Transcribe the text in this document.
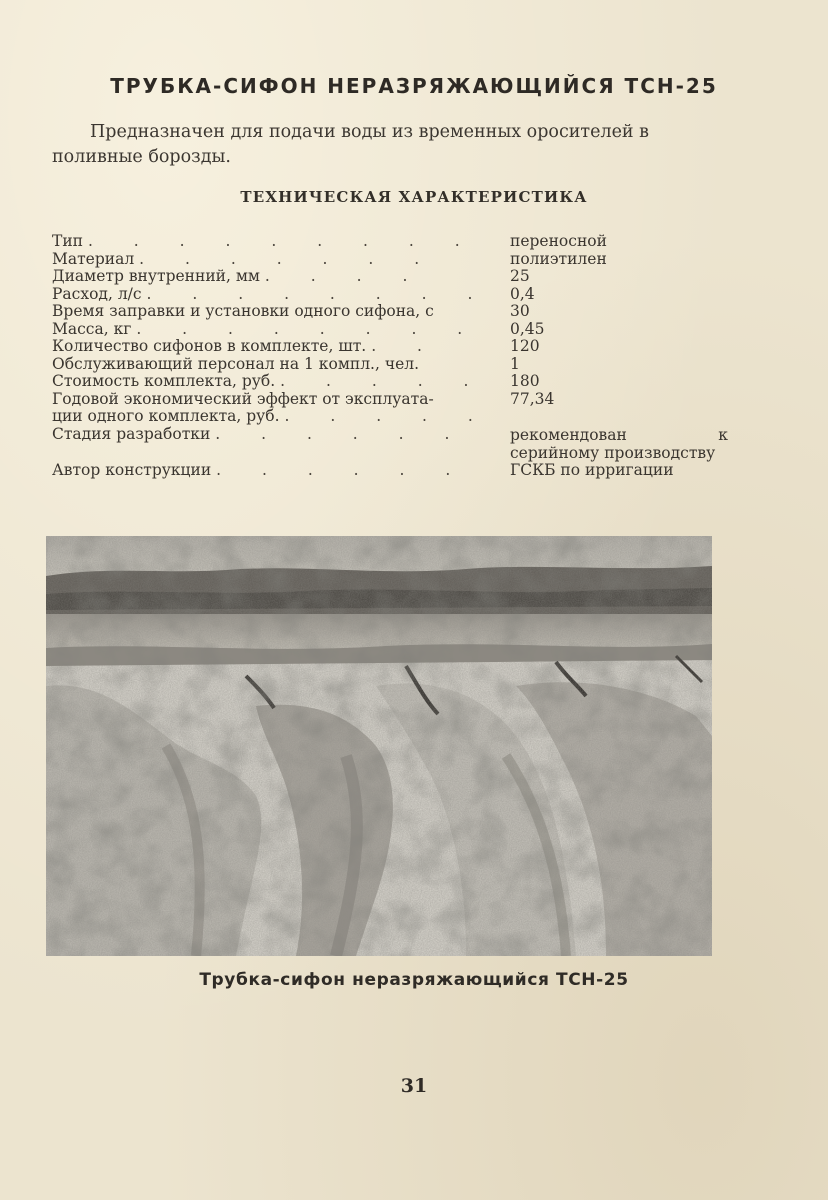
ТРУБКА-СИФОН НЕРАЗРЯЖАЮЩИЙСЯ ТСН-25
Предназначен для подачи воды из временных оросителей в поливные борозды.
ТЕХНИЧЕСКАЯ ХАРАКТЕРИСТИКА
Тип . . . . . . . . .	переносной
Материал . . . . . . .	полиэтилен
Диаметр внутренний, мм . . . .	25
Расход, л/с . . . . . . . .	0,4
Время заправки и установки одного сифона, с	30
Масса, кг . . . . . . . .	0,45
Количество сифонов в комплекте, шт. . .	120
Обслуживающий персонал на 1 компл., чел.	1
Стоимость комплекта, руб. . . . . .	180
Годовой экономический эффект от эксплуата-	77,34
ции одного комплекта, руб. . . . . .
Стадия разработки . . . . . .	рекомендован к серийному производству
Автор конструкции . . . . . .	ГСКБ по ирригации
Трубка-сифон неразряжающийся ТСН-25
31
